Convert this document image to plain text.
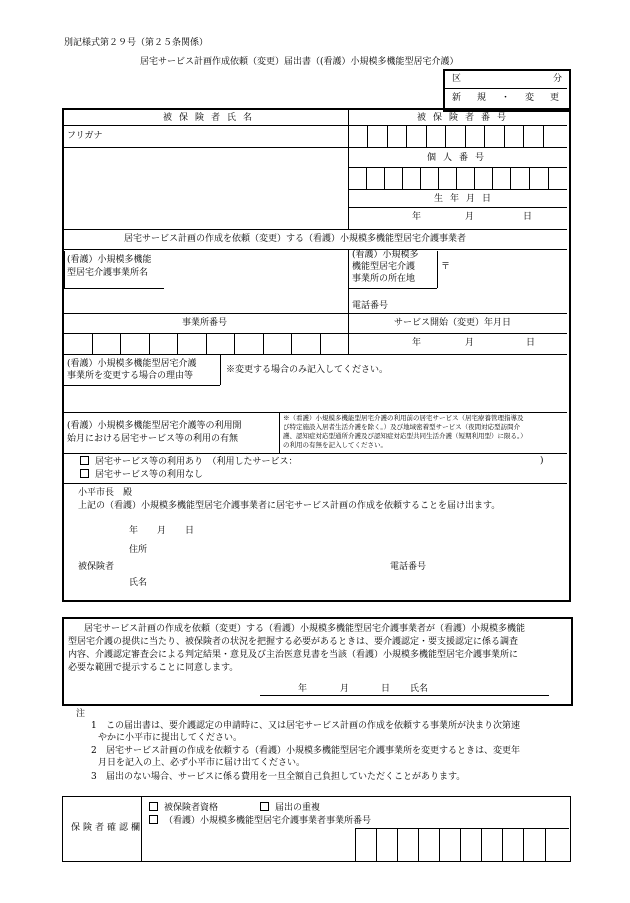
別記様式第２９号（第２５条関係）
居宅サービス計画作成依頼（変更）届出書（(看護）小規模多機能型居宅介護）
区	分
新 規 ・ 変 更
被保険者氏名	被保険者番号
フリガナ
個人番号
生年月日
年	月	日
居宅サービス計画の作成を依頼（変更）する（看護）小規模多機能型居宅介護事業者
(看護）小規模多機能
型居宅介護事業所名
(看護）小規模多
機能型居宅介護
事業所の所在地
〒
電話番号
事業所番号	サービス開始（変更）年月日
年	月	日
(看護）小規模多機能型居宅介護
事業所を変更する場合の理由等
※変更する場合のみ記入してください。
(看護）小規模多機能型居宅介護等の利用開
始月における居宅サービス等の利用の有無
※（看護）小規模多機能型居宅介護の利用前の居宅サービス（居宅療養管理指導及
び特定施設入居者生活介護を除く。）及び地域密着型サービス（夜間対応型訪問介
護、認知症対応型通所介護及び認知症対応型共同生活介護（短期利用型）に限る。）
の利用の有無を記入してください。
居宅サービス等の利用あり　（利用したサービス：	)
居宅サービス等の利用なし
小平市長　殿
上記の（看護）小規模多機能型居宅介護事業者に居宅サービス計画の作成を依頼することを届け出ます。
年 月 日
住所
被保険者	電話番号
氏名
居宅サービス計画の作成を依頼（変更）する（看護）小規模多機能型居宅介護事業者が（看護）小規模多機能
型居宅介護の提供に当たり、被保険者の状況を把握する必要があるときは、要介護認定・要支援認定に係る調査
内容、介護認定審査会による判定結果・意見及び主治医意見書を当該（看護）小規模多機能型居宅介護事業所に
必要な範囲で提示することに同意します。
年	月	日 氏名
注
1 この届出書は、要介護認定の申請時に、又は居宅サービス計画の作成を依頼する事業所が決まり次第速
やかに小平市に提出してください。
2 居宅サービス計画の作成を依頼する（看護）小規模多機能型居宅介護事業所を変更するときは、変更年
月日を記入の上、必ず小平市に届け出てください。
3 届出のない場合、サービスに係る費用を一旦全額自己負担していただくことがあります。
保険者確認欄
被保険者資格	届出の重複
（看護）小規模多機能型居宅介護事業者事業所番号
